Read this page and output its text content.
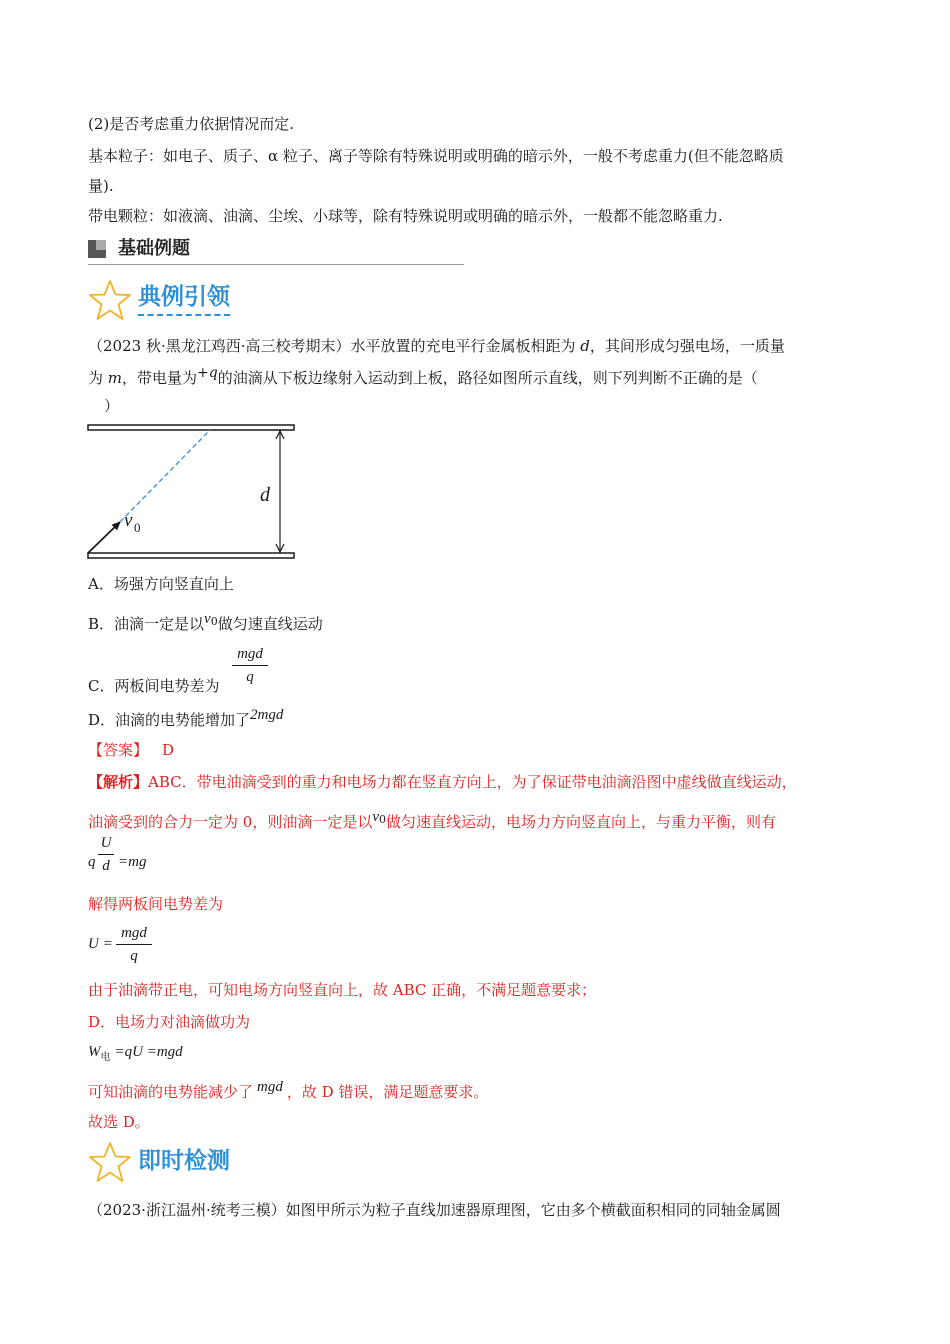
(2)是否考虑重力依据情况而定.
基本粒子：如电子、质子、α 粒子、离子等除有特殊说明或明确的暗示外，一般不考虑重力(但不能忽略质
量).
带电颗粒：如液滴、油滴、尘埃、小球等，除有特殊说明或明确的暗示外，一般都不能忽略重力.
基础例题
典例引领
（2023 秋·黑龙江鸡西·高三校考期末）水平放置的充电平行金属板相距为 d，其间形成匀强电场，一质量
为 m，带电量为+q的油滴从下板边缘射入运动到上板，路径如图所示直线，则下列判断不正确的是（
）
d
v 0
A．场强方向竖直向上
B．油滴一定是以$v^0$做匀速直线运动
C．两板间电势差为
mgd
q
D．油滴的电势能增加了2mgd
【答案】 D
【解析】ABC．带电油滴受到的重力和电场力都在竖直方向上，为了保证带电油滴沿图中虚线做直线运动，
油滴受到的合力一定为 0，则油滴一定是以$v^0$做匀速直线运动，电场力方向竖直向上，与重力平衡，则有
q
U
d =mg
解得两板间电势差为
U =
mgd
q
由于油滴带正电，可知电场方向竖直向上，故 ABC 正确，不满足题意要求；
D．电场力对油滴做功为
$W_电 =qU =mgd$
可知油滴的电势能减少了 mgd ，故 D 错误，满足题意要求。
故选 D。
即时检测
（2023·浙江温州·统考三模）如图甲所示为粒子直线加速器原理图，它由多个横截面积相同的同轴金属圆
